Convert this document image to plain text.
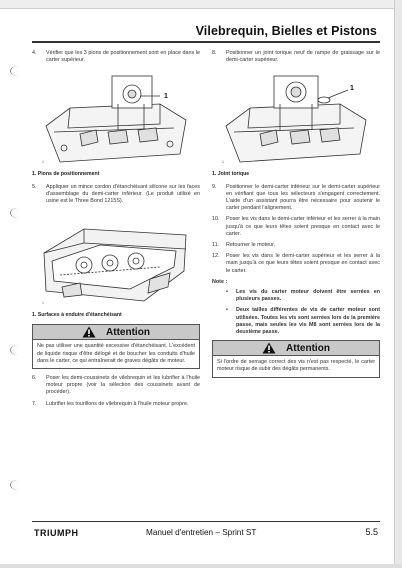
Vilebrequin, Bielles et Pistons
4.	Vérifier que les 3 pions de positionnement sont en place dans le carter supérieur.
1
1
1. Pions de positionnement
5.	Appliquer un mince cordon d'étanchéisant silicone sur les faces d'assemblage du demi-carter inférieur. (Le produit utilisé en usine est le Three Bond 1215S).
1
1. Surfaces à enduire d'étanchéisant
Attention
Ne pas utiliser une quantité excessive d'étanchéisant. L'excédent de liquide risque d'être délogé et de boucher les conduits d'huile dans le carter, ce qui entraînerait de graves dégâts de moteur.
6.	Poser les demi-coussinets de vilebrequin et les lubrifier à l'huile moteur propre (voir la sélection des coussinets avant de procéder).
7.	Lubrifier les tourillons de vilebrequin à l'huile moteur propre.
8.	Positionner un joint torique neuf de rampe de graissage sur le demi-carter supérieur.
1
1
1. Joint torique
9.	Positionner le demi-carter inférieur sur le demi-carter supérieur en vérifiant que tous les sélecteurs s'engagent correctement. L'aide d'un assistant pourra être nécessaire pour soutenir le carter pendant l'alignement.
10.	Poser les vis dans le demi-carter inférieur et les serrer à la main jusqu'à ce que leurs têtes soient presque en contact avec le carter.
11.	Retourner le moteur.
12.	Poser les vis dans le demi-carter supérieur et les serrer à la main jusqu'à ce que leurs têtes soient presque en contact avec le carter.
Note :
•	Les vis du carter moteur doivent être serrées en plusieurs passes.
•	Deux tailles différentes de vis de carter moteur sont utilisées. Toutes les vis sont serrées lors de la première passe, mais seules les vis M8 sont serrées lors de la deuxième passe.
Attention
Si l'ordre de serrage correct des vis n'est pas respecté, le carter moteur risque de subir des dégâts permanents.
TRIUMPH	Manuel d'entretien – Sprint ST	5.5
